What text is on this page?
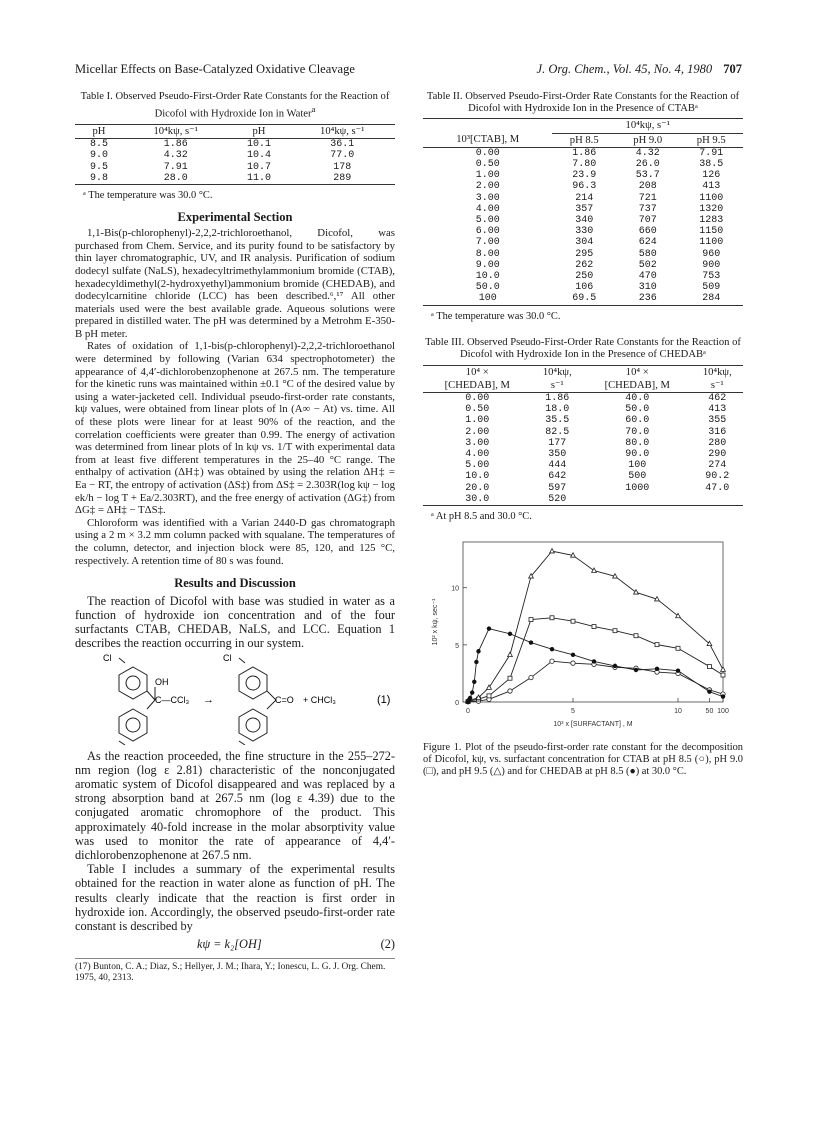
Micellar Effects on Base-Catalyzed Oxidative Cleavage	J. Org. Chem., Vol. 45, No. 4, 1980 707
Table I. Observed Pseudo-First-Order Rate Constants for the Reaction of Dicofol with Hydroxide Ion in Water$^a$
pH	10⁴kψ, s⁻¹	pH	10⁴kψ, s⁻¹
8.5	1.86	10.1	36.1
9.0	4.32	10.4	77.0
9.5	7.91	10.7	178
9.8	28.0	11.0	289
ᵃ The temperature was 30.0 °C.
Experimental Section

1,1-Bis(p-chlorophenyl)-2,2,2-trichloroethanol, Dicofol, was purchased from Chem. Service, and its purity found to be satisfactory by thin layer chromatographic, UV, and IR analysis. Purification of sodium dodecyl sulfate (NaLS), hexadecyltrimethylammonium bromide (CTAB), hexadecyldimethyl(2-hydroxyethyl)ammonium bromide (CHEDAB), and dodecylcarnitine chloride (LCC) has been described.⁶,¹⁷ All other materials used were the best available grade. Aqueous solutions were prepared in distilled water. The pH was determined by a Metrohm E-350-B pH meter.

Rates of oxidation of 1,1-bis(p-chlorophenyl)-2,2,2-trichloroethanol were determined by following (Varian 634 spectrophotometer) the appearance of 4,4′-dichlorobenzophenone at 267.5 nm. The temperature for the kinetic runs was maintained within ±0.1 °C of the desired value by using a water-jacketed cell. Individual pseudo-first-order rate constants, kψ values, were obtained from linear plots of ln (A∞ − At) vs. time. All of these plots were linear for at least 90% of the reaction, and the correlation coefficients were greater than 0.99. The energy of activation was determined from linear plots of ln kψ vs. 1/T with experimental data from at least five different temperatures in the 25–40 °C range. The enthalpy of activation (ΔH‡) was obtained by using the relation ΔH‡ = Ea − RT, the entropy of activation (ΔS‡) from ΔS‡ = 2.303R(log kψ − log ek/h − log T + Ea/2.303RT), and the free energy of activation (ΔG‡) from ΔG‡ = ΔH‡ − TΔS‡.

Chloroform was identified with a Varian 2440-D gas chromatograph using a 2 m × 3.2 mm column packed with squalane. The temperatures of the column, detector, and injection block were 85, 120, and 125 °C, respectively. A retention time of 80 s was found.

Results and Discussion

The reaction of Dicofol with base was studied in water as a function of hydroxide ion concentration and of the four surfactants CTAB, CHEDAB, NaLS, and LCC. Equation 1 describes the reaction occurring in our system.

Cl
OH
C—CCl₃ →
Cl
C=O + CHCl₃	(1)

As the reaction proceeded, the fine structure in the 255–272-nm region (log ε 2.81) characteristic of the nonconjugated aromatic system of Dicofol disappeared and was replaced by a strong absorption band at 267.5 nm (log ε 4.39) due to the conjugated aromatic chromophore of the product. This approximately 40-fold increase in the molar absorptivity value was used to monitor the rate of appearance of 4,4′-dichlorobenzophenone at 267.5 nm.

Table I includes a summary of the experimental results obtained for the reaction in water alone as function of pH. The results clearly indicate that the reaction is first order in hydroxide ion. Accordingly, the observed pseudo-first-order rate constant is described by

kψ = k₂[OH]	(2)
(17) Bunton, C. A.; Diaz, S.; Hellyer, J. M.; Ihara, Y.; Ionescu, L. G. J. Org. Chem. 1975, 40, 2313.
Table II. Observed Pseudo-First-Order Rate Constants for the Reaction of Dicofol with Hydroxide Ion in the Presence of CTABᵃ
	10⁴kψ, s⁻¹		
10³[CTAB], M	pH 8.5	pH 9.0	pH 9.5
0.00	1.86	4.32	7.91
0.50	7.80	26.0	38.5
1.00	23.9	53.7	126
2.00	96.3	208	413
3.00	214	721	1100
4.00	357	737	1320
5.00	340	707	1283
6.00	330	660	1150
7.00	304	624	1100
8.00	295	580	960
9.00	262	502	900
10.0	250	470	753
50.0	106	310	509
100	69.5	236	284
ᵃ The temperature was 30.0 °C.
Table III. Observed Pseudo-First-Order Rate Constants for the Reaction of Dicofol with Hydroxide Ion in the Presence of CHEDABᵃ
10⁴ ×	10⁴kψ,	10⁴ ×	10⁴kψ,
[CHEDAB], M	s⁻¹	[CHEDAB], M	s⁻¹
0.00	1.86	40.0	462
0.50	18.0	50.0	413
1.00	35.5	60.0	355
2.00	82.5	70.0	316
3.00	177	80.0	280
4.00	350	90.0	290
5.00	444	100	274
10.0	642	500	90.2
20.0	597	1000	47.0
30.0	520		
ᵃ At pH 8.5 and 30.0 °C.
0	5	10	50 100
0
5
10
10² x kψ, sec⁻¹
10³ x [SURFACTANT] , M
Figure 1. Plot of the pseudo-first-order rate constant for the decomposition of Dicofol, kψ, vs. surfactant concentration for CTAB at pH 8.5 (○), pH 9.0 (□), and pH 9.5 (△) and for CHEDAB at pH 8.5 (●) at 30.0 °C.
